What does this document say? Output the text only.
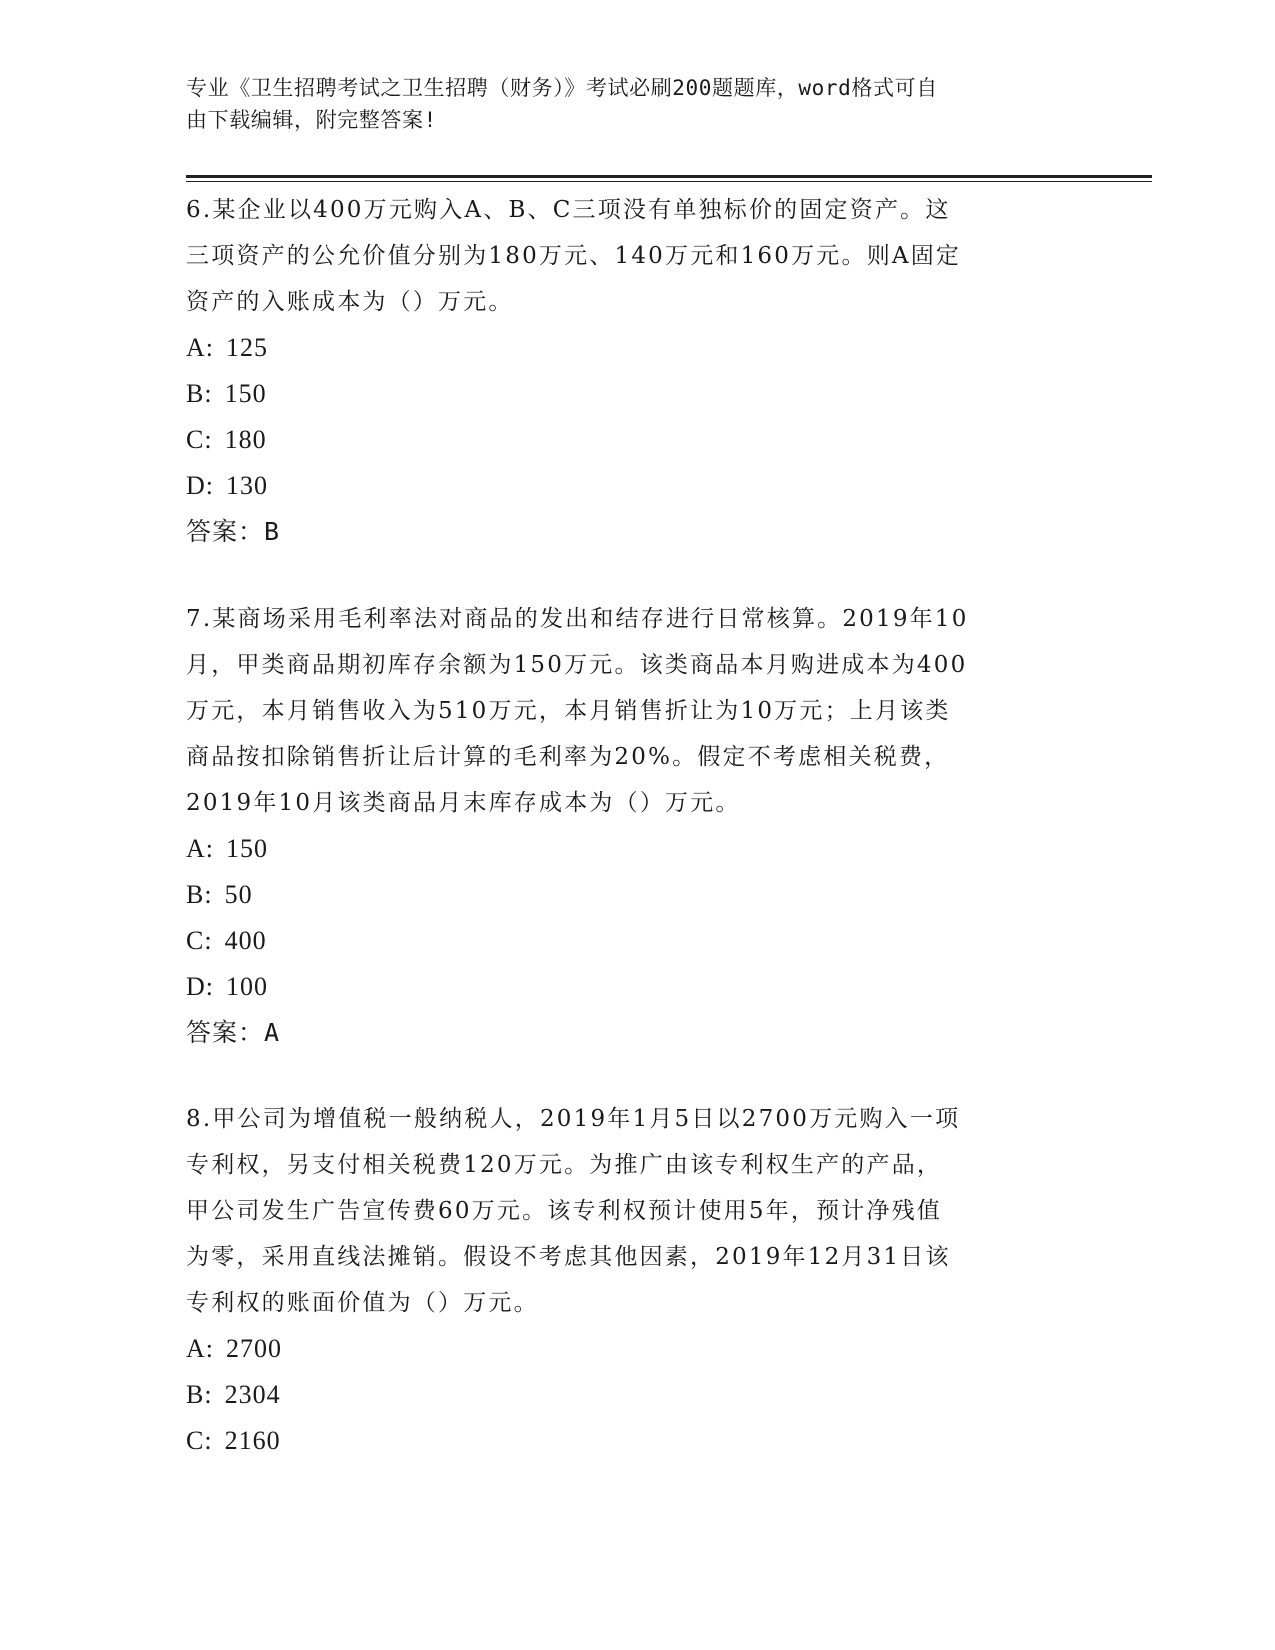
专业《卫生招聘考试之卫生招聘（财务）》考试必刷200题题库，word格式可自
由下载编辑，附完整答案!

6.某企业以400万元购入A、B、C三项没有单独标价的固定资产。这

三项资产的公允价值分别为180万元、140万元和160万元。则A固定

资产的入账成本为（）万元。

A: 125
B: 150
C: 180
D: 130
答案：B

7.某商场采用毛利率法对商品的发出和结存进行日常核算。2019年10

月，甲类商品期初库存余额为150万元。该类商品本月购进成本为400

万元，本月销售收入为510万元，本月销售折让为10万元；上月该类

商品按扣除销售折让后计算的毛利率为20%。假定不考虑相关税费，

2019年10月该类商品月末库存成本为（）万元。

A: 150
B: 50
C: 400
D: 100
答案：A

8.甲公司为增值税一般纳税人，2019年1月5日以2700万元购入一项

专利权，另支付相关税费120万元。为推广由该专利权生产的产品，

甲公司发生广告宣传费60万元。该专利权预计使用5年，预计净残值

为零，采用直线法摊销。假设不考虑其他因素，2019年12月31日该

专利权的账面价值为（）万元。

A: 2700
B: 2304
C: 2160
